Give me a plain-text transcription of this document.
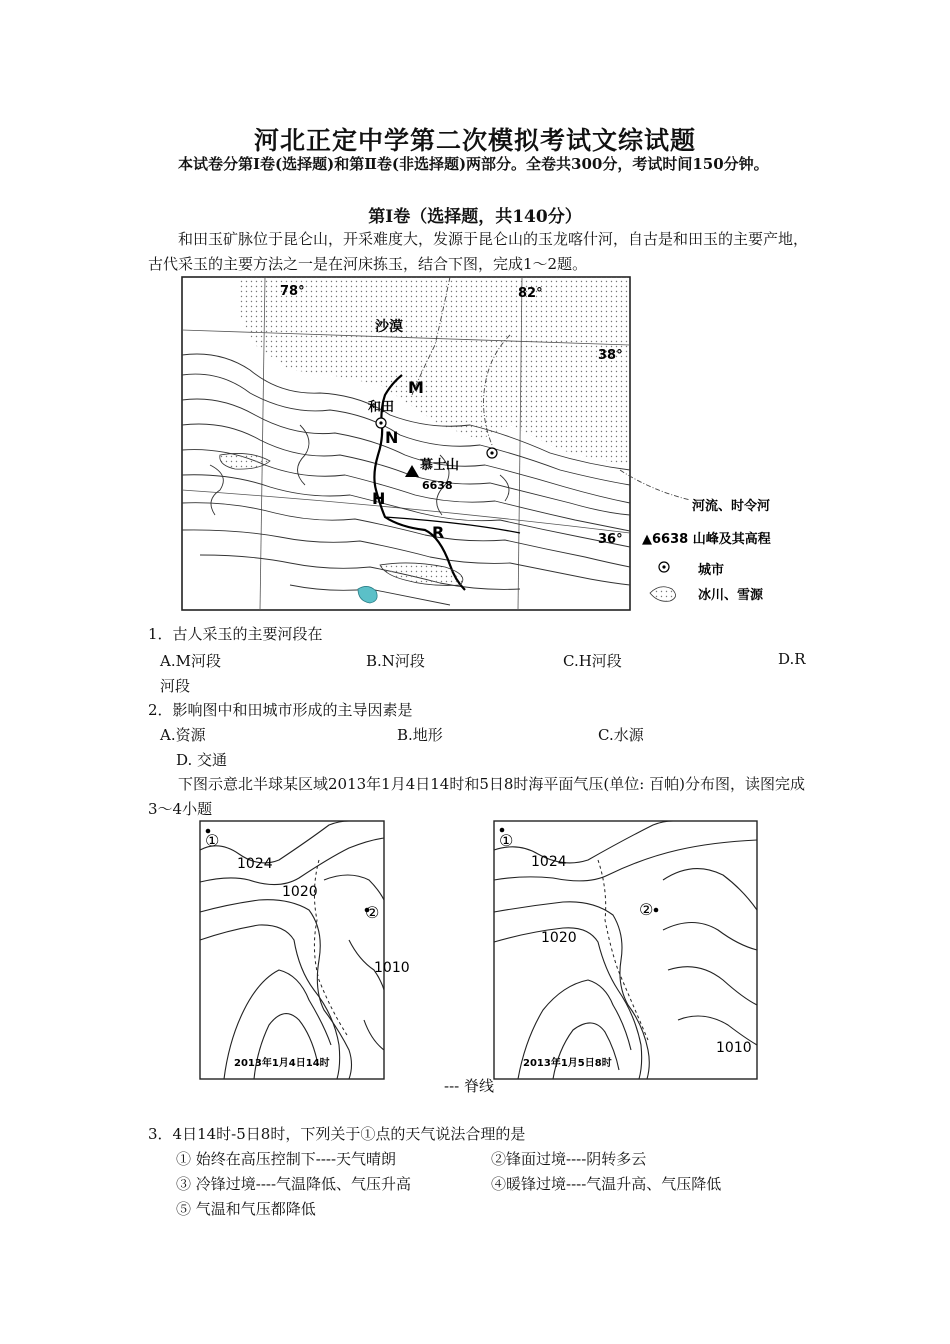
河北正定中学第二次模拟考试文综试题
本试卷分第Ⅰ卷(选择题)和第Ⅱ卷(非选择题)两部分。全卷共300分，考试时间150分钟。
第Ⅰ卷（选择题，共140分）
和田玉矿脉位于昆仑山，开采难度大，发源于昆仑山的玉龙喀什河，自古是和田玉的主要产地，古代采玉的主要方法之一是在河床拣玉，结合下图，完成1～2题。
78°	82°
38°
36°
沙漠
和田
M
N
H
R
慕士山
6638
河流、时令河
▲6638 山峰及其高程
城市
冰川、雪源
1．古人采玉的主要河段在
A.M河段	B.N河段	C.H河段	D.R
河段
2．影响图中和田城市形成的主导因素是
A.资源	B.地形	C.水源
D. 交通
下图示意北半球某区域2013年1月4日14时和5日8时海平面气压(单位: 百帕)分布图，读图完成3～4小题
①
②
1024
1020
1010
2013年1月4日14时
①
②
1024
1020
1010
2013年1月5日8时
--- 脊线
3．4日14时-5日8时，下列关于①点的天气说法合理的是
① 始终在高压控制下----天气晴朗	②锋面过境----阴转多云
③ 冷锋过境----气温降低、气压升高	④暖锋过境----气温升高、气压降低
⑤ 气温和气压都降低
